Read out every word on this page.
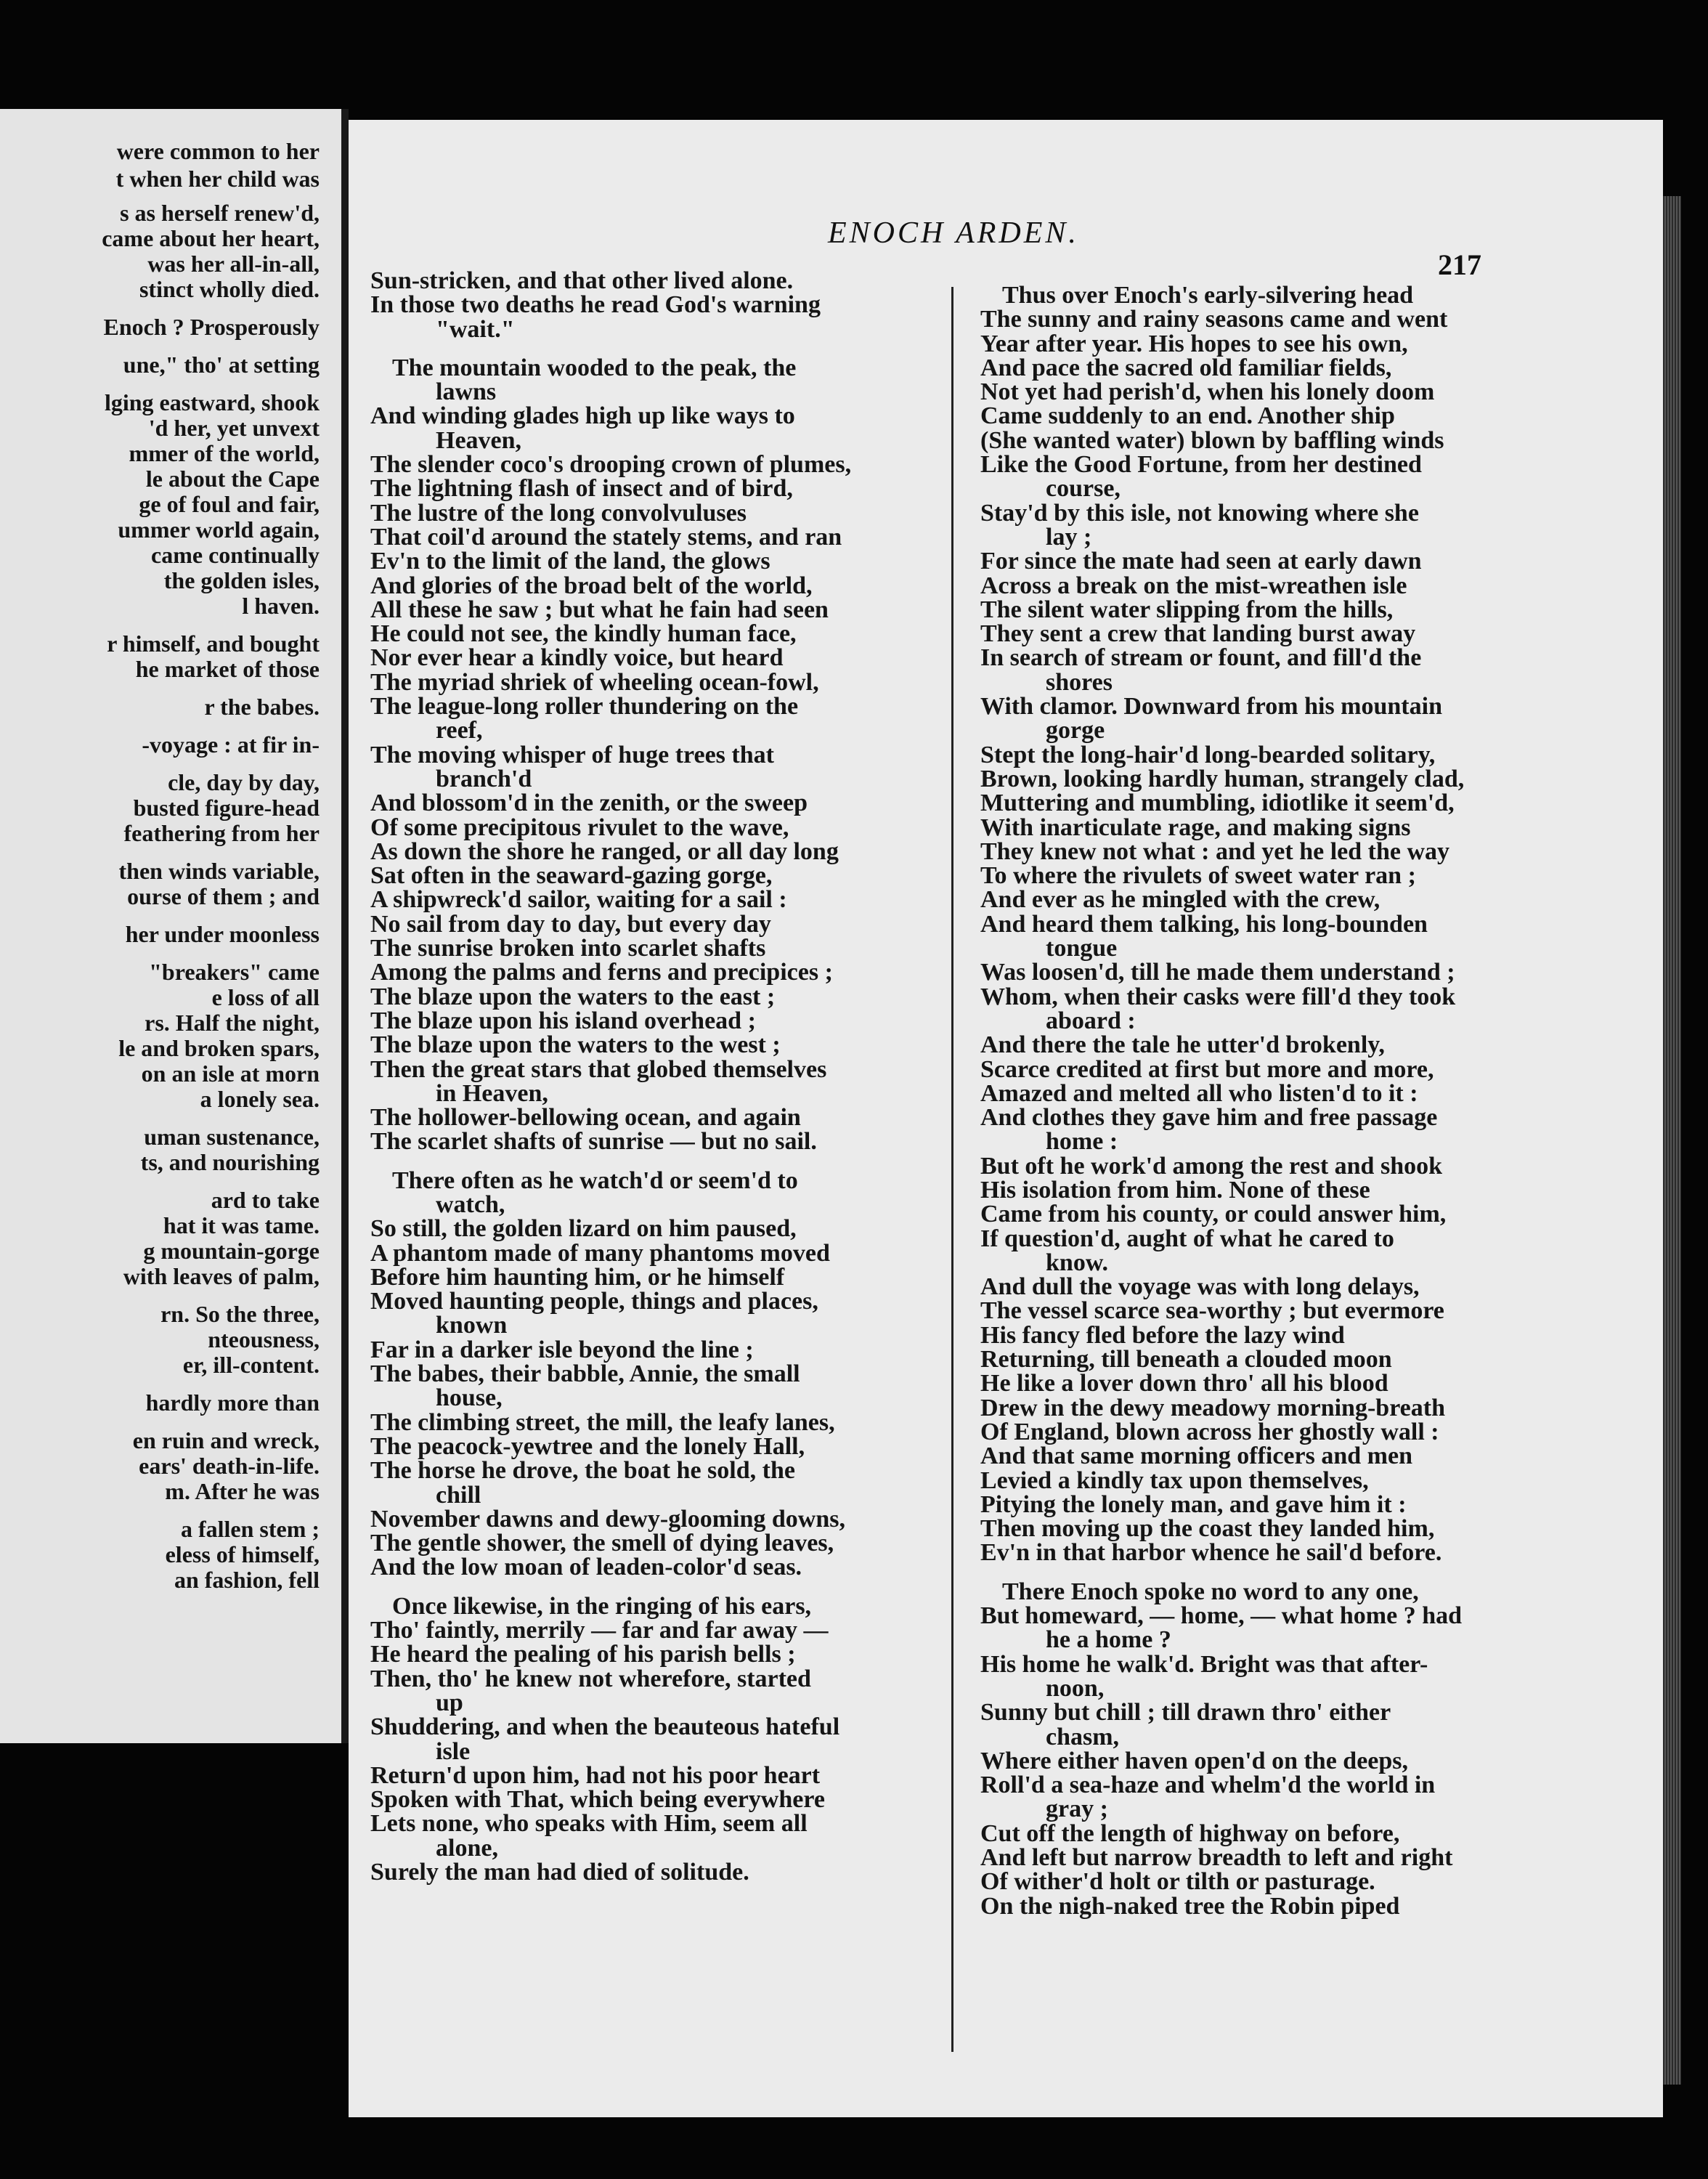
were common to her
t when her child was
s as herself renew'd,
came about her heart,
was her all-in-all,
stinct wholly died.
Enoch ? Prosperously
une," tho' at setting
lging eastward, shook
'd her, yet unvext
mmer of the world,
le about the Cape
ge of foul and fair,
ummer world again,
came continually
the golden isles,
l haven.
r himself, and bought
he market of those
r the babes.
-voyage : at fir in-
cle, day by day,
busted figure-head
feathering from her
then winds variable,
ourse of them ; and
her under moonless
"breakers" came
e loss of all
rs. Half the night,
le and broken spars,
on an isle at morn
a lonely sea.
uman sustenance,
ts, and nourishing
ard to take
hat it was tame.
g mountain-gorge
with leaves of palm,
rn. So the three,
nteousness,
er, ill-content.
hardly more than
en ruin and wreck,
ears' death-in-life.
m. After he was
a fallen stem ;
eless of himself,
an fashion, fell
ENOCH ARDEN.
217
Sun-stricken, and that other lived alone.
In those two deaths he read God's warning
"wait."
The mountain wooded to the peak, the
lawns
And winding glades high up like ways to
Heaven,
The slender coco's drooping crown of plumes,
The lightning flash of insect and of bird,
The lustre of the long convolvuluses
That coil'd around the stately stems, and ran
Ev'n to the limit of the land, the glows
And glories of the broad belt of the world,
All these he saw ; but what he fain had seen
He could not see, the kindly human face,
Nor ever hear a kindly voice, but heard
The myriad shriek of wheeling ocean-fowl,
The league-long roller thundering on the
reef,
The moving whisper of huge trees that
branch'd
And blossom'd in the zenith, or the sweep
Of some precipitous rivulet to the wave,
As down the shore he ranged, or all day long
Sat often in the seaward-gazing gorge,
A shipwreck'd sailor, waiting for a sail :
No sail from day to day, but every day
The sunrise broken into scarlet shafts
Among the palms and ferns and precipices ;
The blaze upon the waters to the east ;
The blaze upon his island overhead ;
The blaze upon the waters to the west ;
Then the great stars that globed themselves
in Heaven,
The hollower-bellowing ocean, and again
The scarlet shafts of sunrise — but no sail.
There often as he watch'd or seem'd to
watch,
So still, the golden lizard on him paused,
A phantom made of many phantoms moved
Before him haunting him, or he himself
Moved haunting people, things and places,
known
Far in a darker isle beyond the line ;
The babes, their babble, Annie, the small
house,
The climbing street, the mill, the leafy lanes,
The peacock-yewtree and the lonely Hall,
The horse he drove, the boat he sold, the
chill
November dawns and dewy-glooming downs,
The gentle shower, the smell of dying leaves,
And the low moan of leaden-color'd seas.
Once likewise, in the ringing of his ears,
Tho' faintly, merrily — far and far away —
He heard the pealing of his parish bells ;
Then, tho' he knew not wherefore, started
up
Shuddering, and when the beauteous hateful
isle
Return'd upon him, had not his poor heart
Spoken with That, which being everywhere
Lets none, who speaks with Him, seem all
alone,
Surely the man had died of solitude.
Thus over Enoch's early-silvering head
The sunny and rainy seasons came and went
Year after year. His hopes to see his own,
And pace the sacred old familiar fields,
Not yet had perish'd, when his lonely doom
Came suddenly to an end. Another ship
(She wanted water) blown by baffling winds
Like the Good Fortune, from her destined
course,
Stay'd by this isle, not knowing where she
lay ;
For since the mate had seen at early dawn
Across a break on the mist-wreathen isle
The silent water slipping from the hills,
They sent a crew that landing burst away
In search of stream or fount, and fill'd the
shores
With clamor. Downward from his mountain
gorge
Stept the long-hair'd long-bearded solitary,
Brown, looking hardly human, strangely clad,
Muttering and mumbling, idiotlike it seem'd,
With inarticulate rage, and making signs
They knew not what : and yet he led the way
To where the rivulets of sweet water ran ;
And ever as he mingled with the crew,
And heard them talking, his long-bounden
tongue
Was loosen'd, till he made them understand ;
Whom, when their casks were fill'd they took
aboard :
And there the tale he utter'd brokenly,
Scarce credited at first but more and more,
Amazed and melted all who listen'd to it :
And clothes they gave him and free passage
home :
But oft he work'd among the rest and shook
His isolation from him. None of these
Came from his county, or could answer him,
If question'd, aught of what he cared to
know.
And dull the voyage was with long delays,
The vessel scarce sea-worthy ; but evermore
His fancy fled before the lazy wind
Returning, till beneath a clouded moon
He like a lover down thro' all his blood
Drew in the dewy meadowy morning-breath
Of England, blown across her ghostly wall :
And that same morning officers and men
Levied a kindly tax upon themselves,
Pitying the lonely man, and gave him it :
Then moving up the coast they landed him,
Ev'n in that harbor whence he sail'd before.
There Enoch spoke no word to any one,
But homeward, — home, — what home ? had
he a home ?
His home he walk'd. Bright was that after-
noon,
Sunny but chill ; till drawn thro' either
chasm,
Where either haven open'd on the deeps,
Roll'd a sea-haze and whelm'd the world in
gray ;
Cut off the length of highway on before,
And left but narrow breadth to left and right
Of wither'd holt or tilth or pasturage.
On the nigh-naked tree the Robin piped
